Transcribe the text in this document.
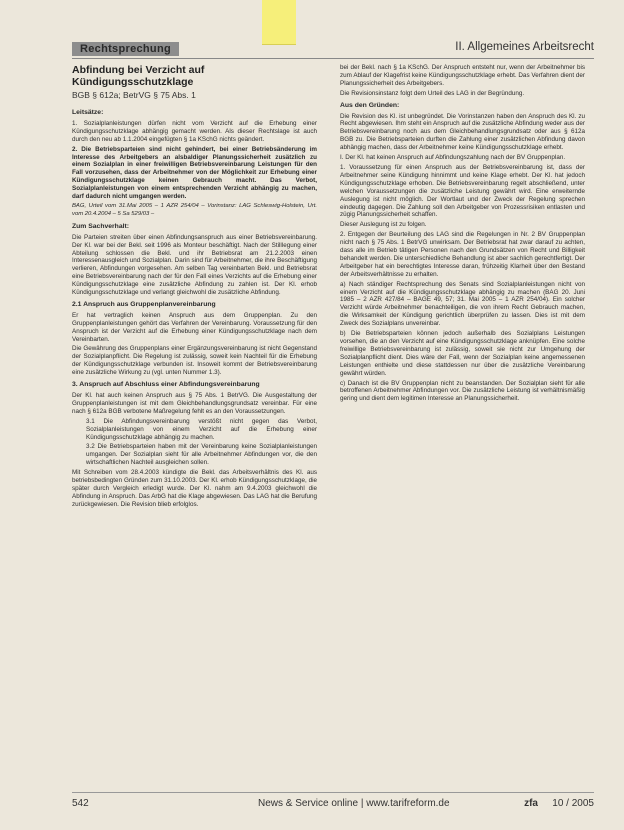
Rechtsprechung	II. Allgemeines Arbeitsrecht

Abfindung bei Verzicht auf

Kündigungsschutzklage

BGB § 612a; BetrVG § 75 Abs. 1

Leitsätze:

1. Sozialplanleistungen dürfen nicht vom Verzicht auf die Erhebung einer Kündigungsschutzklage abhängig gemacht werden. Als dieser Rechtslage ist auch durch den neu ab 1.1.2004 eingefügten § 1a KSchG nichts geändert.

2. Die Betriebsparteien sind nicht gehindert, bei einer Betriebsänderung im Interesse des Arbeitgebers an alsbaldiger Planungssicherheit zusätzlich zu einem Sozialplan in einer freiwilligen Betriebsvereinbarung Leistungen für den Fall vorzusehen, dass der Arbeitnehmer von der Möglichkeit zur Erhebung einer Kündigungsschutzklage keinen Gebrauch macht. Das Verbot, Sozialplanleistungen von einem entsprechenden Verzicht abhängig zu machen, darf dadurch nicht umgangen werden.

BAG, Urteil vom 31.Mai 2005 – 1 AZR 254/04 – Vorinstanz: LAG Schleswig-Holstein, Urt. vom 20.4.2004 – 5 Sa 529/03 –

Zum Sachverhalt:

Die Parteien streiten über einen Abfindungsanspruch aus einer Betriebsvereinbarung. Der Kl. war bei der Bekl. seit 1996 als Monteur beschäftigt. Nach der Stilllegung einer Abteilung schlossen die Bekl. und ihr Betriebsrat am 21.2.2003 einen Interessenausgleich und Sozialplan. Darin sind für Arbeitnehmer, die ihre Beschäftigung verlieren, Abfindungen vorgesehen. Am selben Tag vereinbarten Bekl. und Betriebsrat eine Betriebsvereinbarung nach der für den Fall eines Verzichts auf die Erhebung einer Kündigungsschutzklage eine zusätzliche Abfindung zu zahlen ist. Der Kl. erhob Kündigungsschutzklage und verlangt gleichwohl die zusätzliche Abfindung.

2.1 Anspruch aus Gruppenplanvereinbarung

Er hat vertraglich keinen Anspruch aus dem Gruppenplan. Zu den Gruppenplanleistungen gehört das Verfahren der Vereinbarung. Voraussetzung für den Anspruch ist der Verzicht auf die Erhebung einer Kündigungsschutzklage nach dem Vereinbarten.

Die Gewährung des Gruppenplans einer Ergänzungsvereinbarung ist nicht Gegenstand der Sozialplanpflicht. Die Regelung ist zulässig, soweit kein Nachteil für die Erhebung der Kündigungsschutzklage verbunden ist. Insoweit kommt der Betriebsvereinbarung eine zusätzliche Wirkung zu (vgl. unten Nummer 1.3).

3. Anspruch auf Abschluss einer Abfindungsvereinbarung

Der Kl. hat auch keinen Anspruch aus § 75 Abs. 1 BetrVG. Die Ausgestaltung der Gruppenplanleistungen ist mit dem Gleichbehandlungsgrundsatz vereinbar. Für eine nach § 612a BGB verbotene Maßregelung fehlt es an den Voraussetzungen.

3.1 Die Abfindungsvereinbarung verstößt nicht gegen das Verbot, Sozialplanleistungen von einem Verzicht auf die Erhebung einer Kündigungsschutzklage abhängig zu machen.

3.2 Die Betriebsparteien haben mit der Vereinbarung keine Sozialplanleistungen umgangen. Der Sozialplan sieht für alle Arbeitnehmer Abfindungen vor, die den wirtschaftlichen Nachteil ausgleichen sollen.

Mit Schreiben vom 28.4.2003 kündigte die Bekl. das Arbeitsverhältnis des Kl. aus betriebsbedingten Gründen zum 31.10.2003. Der Kl. erhob Kündigungsschutzklage, die später durch Vergleich erledigt wurde. Der Kl. nahm am 9.4.2003 gleichwohl die Abfindung in Anspruch. Das ArbG hat die Klage abgewiesen. Das LAG hat die Berufung zurückgewiesen. Die Revision blieb erfolglos.

bei der Bekl. nach § 1a KSchG. Der Anspruch entsteht nur, wenn der Arbeitnehmer bis zum Ablauf der Klagefrist keine Kündigungsschutzklage erhebt. Das Verfahren dient der Planungssicherheit des Arbeitgebers.

Die Revisionsinstanz folgt dem Urteil des LAG in der Begründung.

Aus den Gründen:

Die Revision des Kl. ist unbegründet. Die Vorinstanzen haben den Anspruch des Kl. zu Recht abgewiesen. Ihm steht ein Anspruch auf die zusätzliche Abfindung weder aus der Betriebsvereinbarung noch aus dem Gleichbehandlungsgrundsatz oder aus § 612a BGB zu. Die Betriebsparteien durften die Zahlung einer zusätzlichen Abfindung davon abhängig machen, dass der Arbeitnehmer keine Kündigungsschutzklage erhebt.

I. Der Kl. hat keinen Anspruch auf Abfindungszahlung nach der BV Gruppenplan.

1. Voraussetzung für einen Anspruch aus der Betriebsvereinbarung ist, dass der Arbeitnehmer seine Kündigung hinnimmt und keine Klage erhebt. Der Kl. hat jedoch Kündigungsschutzklage erhoben. Die Betriebsvereinbarung regelt abschließend, unter welchen Voraussetzungen die zusätzliche Leistung gewährt wird. Eine erweiternde Auslegung ist nicht möglich. Der Wortlaut und der Zweck der Regelung sprechen eindeutig dagegen. Die Zahlung soll den Arbeitgeber von Prozessrisiken entlasten und zügig Planungssicherheit schaffen.

Dieser Auslegung ist zu folgen.

2. Entgegen der Beurteilung des LAG sind die Regelungen in Nr. 2 BV Gruppenplan nicht nach § 75 Abs. 1 BetrVG unwirksam. Der Betriebsrat hat zwar darauf zu achten, dass alle im Betrieb tätigen Personen nach den Grundsätzen von Recht und Billigkeit behandelt werden. Die unterschiedliche Behandlung ist aber sachlich gerechtfertigt. Der Arbeitgeber hat ein berechtigtes Interesse daran, frühzeitig Klarheit über den Bestand der Arbeitsverhältnisse zu erhalten.

a) Nach ständiger Rechtsprechung des Senats sind Sozialplanleistungen nicht von einem Verzicht auf die Kündigungsschutzklage abhängig zu machen (BAG 20. Juni 1985 – 2 AZR 427/84 – BAGE 49, 57; 31. Mai 2005 – 1 AZR 254/04). Ein solcher Verzicht würde Arbeitnehmer benachteiligen, die von ihrem Recht Gebrauch machen, die Wirksamkeit der Kündigung gerichtlich überprüfen zu lassen. Dies ist mit dem Zweck des Sozialplans unvereinbar.

b) Die Betriebsparteien können jedoch außerhalb des Sozialplans Leistungen vorsehen, die an den Verzicht auf eine Kündigungsschutzklage anknüpfen. Eine solche freiwillige Betriebsvereinbarung ist zulässig, soweit sie nicht zur Umgehung der Sozialplanpflicht dient. Dies wäre der Fall, wenn der Sozialplan keine angemessenen Leistungen enthielte und diese stattdessen nur über die zusätzliche Vereinbarung gewährt würden.

c) Danach ist die BV Gruppenplan nicht zu beanstanden. Der Sozialplan sieht für alle betroffenen Arbeitnehmer Abfindungen vor. Die zusätzliche Leistung ist verhältnismäßig gering und dient dem legitimen Interesse an Planungssicherheit.

542	News & Service online | www.tarifreform.de	zfa 10 / 2005
